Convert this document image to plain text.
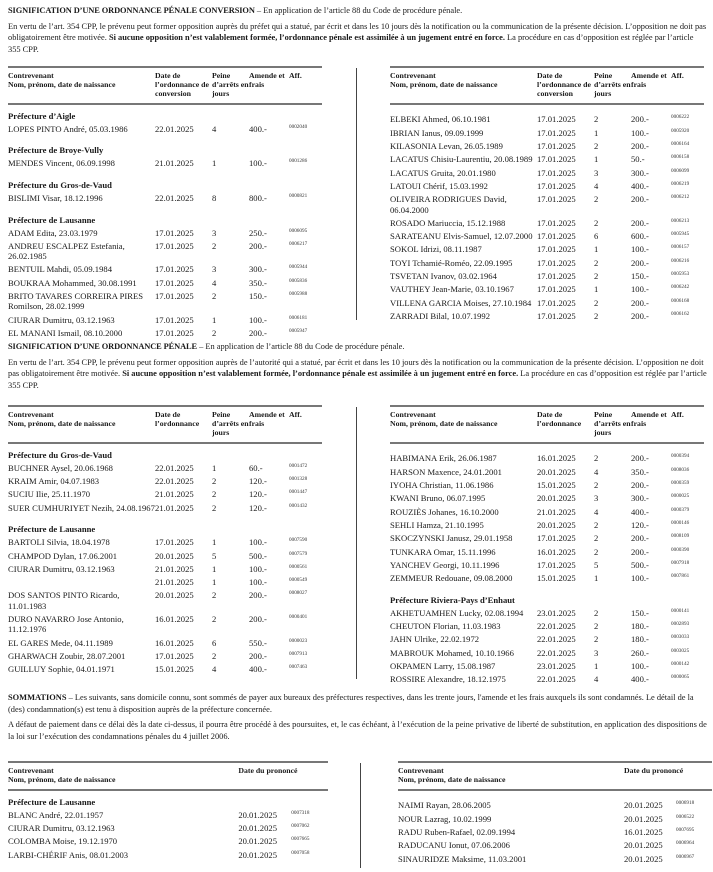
SIGNIFICATION D’UNE ORDONNANCE PÉNALE CONVERSION – En application de l’article 88 du Code de procédure pénale.

En vertu de l’art. 354 CPP, le prévenu peut former opposition auprès du préfet qui a statué, par écrit et dans les 10 jours dès la notification ou la communication de la présente décision. L’opposition ne doit pas obligatoirement être motivée. Si aucune opposition n’est valablement formée, l’ordonnance pénale est assimilée à un jugement entré en force. La procédure en cas d’opposition est réglée par l’article 355 CPP.

Contrevenant
Nom, prénom, date de naissance	Date de l’ordonnance de conversion	Peine d’arrêts en jours	Amende et frais	Aff.
Préfecture d’Aigle				
LOPES PINTO André, 05.03.1986	22.01.2025	4	400.-	0002040
Préfecture de Broye-Vully				
MENDES Vincent, 06.09.1998	21.01.2025	1	100.-	0001286
Préfecture du Gros-de-Vaud				
BISLIMI Visar, 18.12.1996	22.01.2025	8	800.-	0000821
Préfecture de Lausanne				
ADAM Edita, 23.03.1979	17.01.2025	3	250.-	0006095
ANDREU ESCALPEZ Estefania, 26.02.1985	17.01.2025	2	200.-	0006217
BENTUIL Mahdi, 05.09.1984	17.01.2025	3	300.-	0005944
BOUKRAA Mohammed, 30.08.1991	17.01.2025	4	350.-	0005836
BRITO TAVARES CORREIRA PIRES Romilson, 28.02.1999	17.01.2025	2	150.-	0005988
CIURAR Dumitru, 03.12.1963	17.01.2025	1	100.-	0006181
EL MANANI Ismail, 08.10.2000	17.01.2025	2	200.-	0005947
Contrevenant
Nom, prénom, date de naissance	Date de l’ordonnance de conversion	Peine d’arrêts en jours	Amende et frais	Aff.

ELBEKI Ahmed, 06.10.1981	17.01.2025	2	200.-	0006222
IBRIAN Ianus, 09.09.1999	17.01.2025	1	100.-	0005920
KILASONIA Levan, 26.05.1989	17.01.2025	2	200.-	0006164
LACATUS Chisiu-Laurentiu, 20.08.1989	17.01.2025	1	50.-	0006158
LACATUS Gruita, 20.01.1980	17.01.2025	3	300.-	0006099
LATOUI Chérif, 15.03.1992	17.01.2025	4	400.-	0006219
OLIVEIRA RODRIGUES David, 06.04.2000	17.01.2025	2	200.-	0006212
ROSADO Mariuccia, 15.12.1988	17.01.2025	2	200.-	0006213
SARATEANU Elvis-Samuel, 12.07.2000	17.01.2025	6	600.-	0005945
SOKOL Idrizi, 08.11.1987	17.01.2025	1	100.-	0006157
TOYI Tchamié-Roméo, 22.09.1995	17.01.2025	2	200.-	0006216
TSVETAN Ivanov, 03.02.1964	17.01.2025	2	150.-	0005953
VAUTHEY Jean-Marie, 03.10.1967	17.01.2025	1	100.-	0006242
VILLENA GARCIA Moises, 27.10.1984	17.01.2025	2	200.-	0006168
ZARRADI Bilal, 10.07.1992	17.01.2025	2	200.-	0006162

SIGNIFICATION D’UNE ORDONNANCE PÉNALE – En application de l’article 88 du Code de procédure pénale.

En vertu de l’art. 354 CPP, le prévenu peut former opposition auprès de l’autorité qui a statué, par écrit et dans les 10 jours dès la notification ou la communication de la présente décision. L’opposition ne doit pas obligatoirement être motivée. Si aucune opposition n’est valablement formée, l’ordonnance pénale est assimilée à un jugement entré en force. La procédure en cas d’opposition est réglée par l’article 355 CPP.

Contrevenant
Nom, prénom, date de naissance	Date de l’ordonnance	Peine d’arrêts en jours	Amende et frais	Aff.
Préfecture du Gros-de-Vaud				
BUCHNER Aysel, 20.06.1968	22.01.2025	1	60.-	0001472
KRAIM Amir, 04.07.1983	22.01.2025	2	120.-	0001328
SUCIU Ilie, 25.11.1970	21.01.2025	2	120.-	0001447
SUER CUMHURIYET Nezih, 24.08.1967	21.01.2025	2	120.-	0001432
Préfecture de Lausanne				
BARTOLI Silvia, 18.04.1978	17.01.2025	1	100.-	0007590
CHAMPOD Dylan, 17.06.2001	20.01.2025	5	500.-	0007579
CIURAR Dumitru, 03.12.1963	21.01.2025	1	100.-	0000561
	21.01.2025	1	100.-	0000549
DOS SANTOS PINTO Ricardo, 11.01.1983	20.01.2025	2	200.-	0008027
DURO NAVARRO Jose Antonio, 11.12.1976	16.01.2025	2	200.-	0000401
EL GARES Mede, 04.11.1989	16.01.2025	6	550.-	0000023
GHARWACH Zoubir, 28.07.2001	17.01.2025	2	200.-	0007913
GUILLUY Sophie, 04.01.1971	15.01.2025	4	400.-	0007463
Contrevenant
Nom, prénom, date de naissance	Date de l’ordonnance	Peine d’arrêts en jours	Amende et frais	Aff.

HABIMANA Erik, 26.06.1987	16.01.2025	2	200.-	0000394
HARSON Maxence, 24.01.2001	20.01.2025	4	350.-	0008036
IYOHA Christian, 11.06.1986	15.01.2025	2	200.-	0000359
KWANI Bruno, 06.07.1995	20.01.2025	3	300.-	0000025
ROUZIÈS Johanes, 16.10.2000	21.01.2025	4	400.-	0000379
SEHLI Hamza, 21.10.1995	20.01.2025	2	120.-	0000146
SKOCZYNSKI Janusz, 29.01.1958	17.01.2025	2	200.-	0008109
TUNKARA Omar, 15.11.1996	16.01.2025	2	200.-	0000390
YANCHEV Georgi, 10.11.1996	17.01.2025	5	500.-	0007918
ZEMMEUR Redouane, 09.08.2000	15.01.2025	1	100.-	0007861
Préfecture Riviera-Pays d’Enhaut				
AKHETUAMHEN Lucky, 02.08.1994	23.01.2025	2	150.-	0000141
CHEUTON Florian, 11.03.1983	22.01.2025	2	180.-	0002893
JAHN Ulrike, 22.02.1972	22.01.2025	2	180.-	0003033
MABROUK Mohamed, 10.10.1966	22.01.2025	3	260.-	0003025
OKPAMEN Larry, 15.08.1987	23.01.2025	1	100.-	0000142
ROSSIRE Alexandre, 18.12.1975	22.01.2025	4	400.-	0000065

SOMMATIONS – Les suivants, sans domicile connu, sont sommés de payer aux bureaux des préfectures respectives, dans les trente jours, l'amende et les frais auxquels ils sont condamnés. Le détail de la (des) condamnation(s) est tenu à disposition auprès de la préfecture concernée.

A défaut de paiement dans ce délai dès la date ci-dessus, il pourra être procédé à des poursuites, et, le cas échéant, à l’exécution de la peine privative de liberté de substitution, en application des dispositions de la loi sur l’exécution des condamnations pénales du 4 juillet 2006.

Contrevenant
Nom, prénom, date de naissance	Date du prononcé	
Préfecture de Lausanne		
BLANC André, 22.01.1957	20.01.2025	0007318
CIURAR Dumitru, 03.12.1963	20.01.2025	0007062
COLOMBA Moise, 19.12.1970	20.01.2025	0007665
LARBI-CHÉRIF Anis, 08.01.2003	20.01.2025	0007058
Contrevenant
Nom, prénom, date de naissance	Date du prononcé	

NAIMI Rayan, 28.06.2005	20.01.2025	0006918
NOUR Lazrag, 10.02.1999	20.01.2025	0006522
RADU Ruben-Rafael, 02.09.1994	16.01.2025	0007695
RADUCANU Ionut, 07.06.2006	20.01.2025	0006964
SINAURIDZE Maksime, 11.03.2001	20.01.2025	0006967
